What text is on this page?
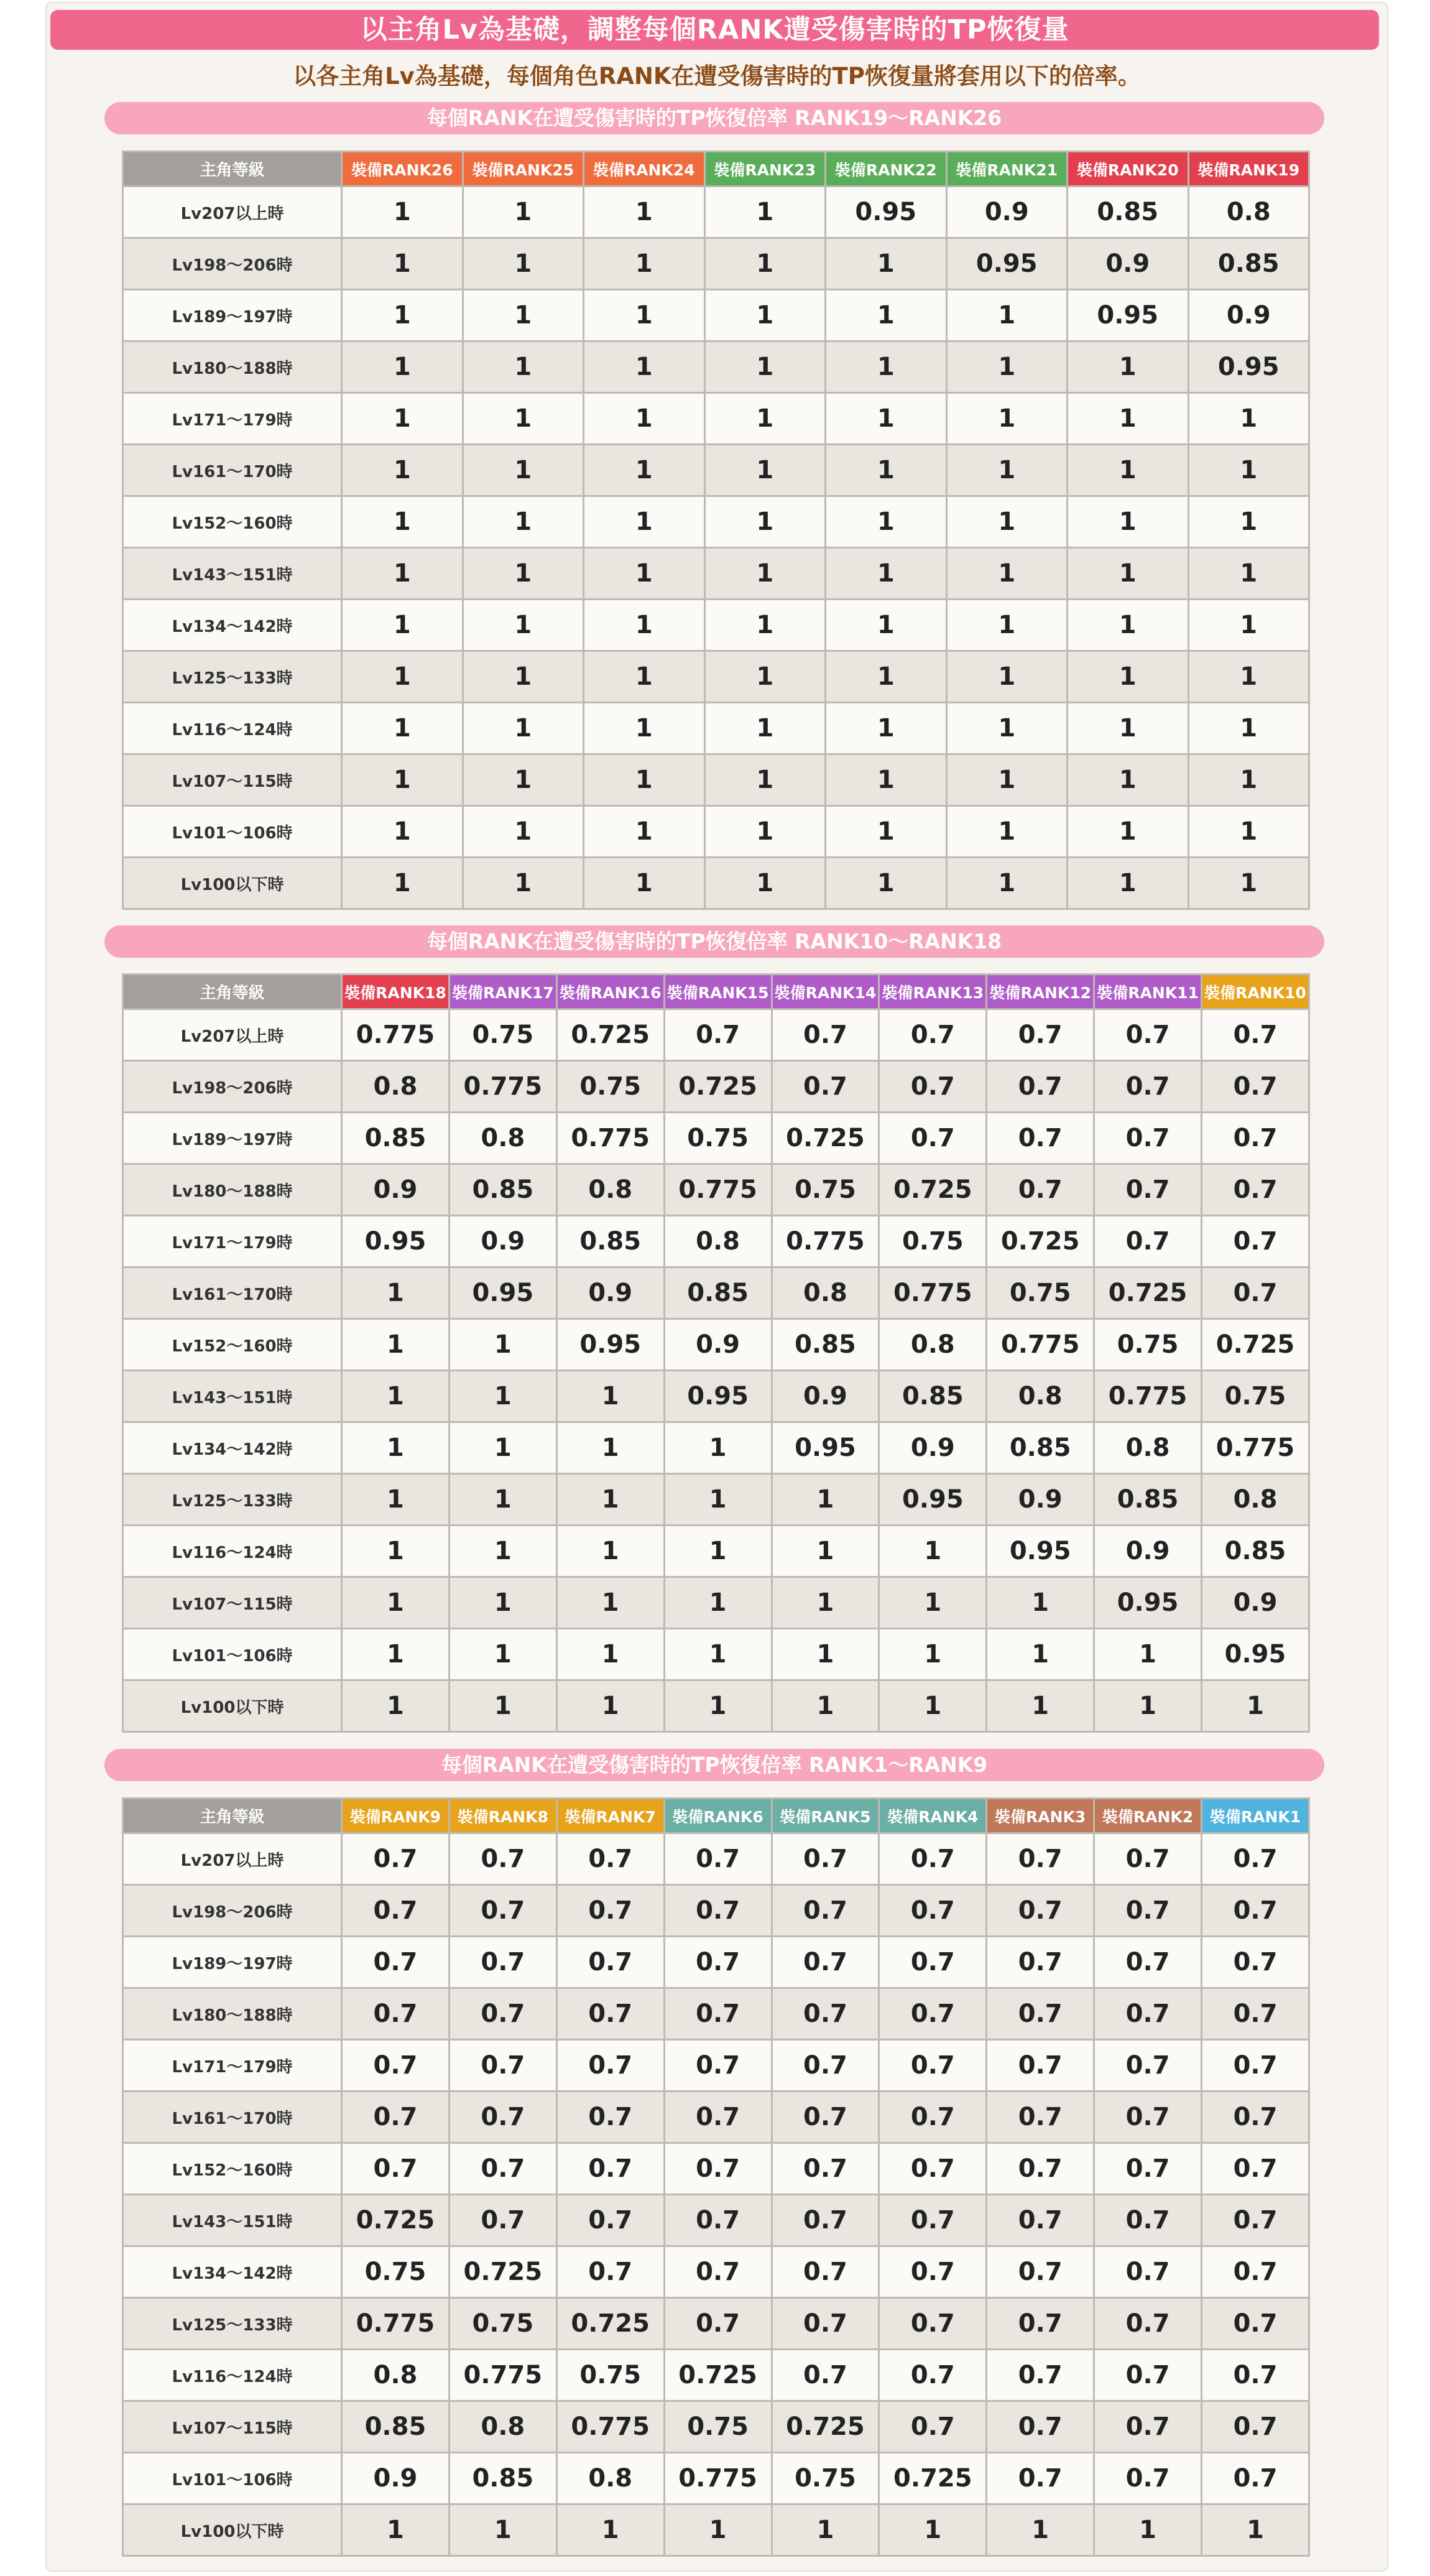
以主角Lv為基礎，調整每個RANK遭受傷害時的TP恢復量
以各主角Lv為基礎，每個角色RANK在遭受傷害時的TP恢復量將套用以下的倍率。
每個RANK在遭受傷害時的TP恢復倍率 RANK19～RANK26
主角等級	裝備RANK26	裝備RANK25	裝備RANK24	裝備RANK23	裝備RANK22	裝備RANK21	裝備RANK20	裝備RANK19
Lv207以上時	1	1	1	1	0.95	0.9	0.85	0.8
Lv198～206時	1	1	1	1	1	0.95	0.9	0.85
Lv189～197時	1	1	1	1	1	1	0.95	0.9
Lv180～188時	1	1	1	1	1	1	1	0.95
Lv171～179時	1	1	1	1	1	1	1	1
Lv161～170時	1	1	1	1	1	1	1	1
Lv152～160時	1	1	1	1	1	1	1	1
Lv143～151時	1	1	1	1	1	1	1	1
Lv134～142時	1	1	1	1	1	1	1	1
Lv125～133時	1	1	1	1	1	1	1	1
Lv116～124時	1	1	1	1	1	1	1	1
Lv107～115時	1	1	1	1	1	1	1	1
Lv101～106時	1	1	1	1	1	1	1	1
Lv100以下時	1	1	1	1	1	1	1	1
每個RANK在遭受傷害時的TP恢復倍率 RANK10～RANK18
主角等級	裝備RANK18	裝備RANK17	裝備RANK16	裝備RANK15	裝備RANK14	裝備RANK13	裝備RANK12	裝備RANK11	裝備RANK10
Lv207以上時	0.775	0.75	0.725	0.7	0.7	0.7	0.7	0.7	0.7
Lv198～206時	0.8	0.775	0.75	0.725	0.7	0.7	0.7	0.7	0.7
Lv189～197時	0.85	0.8	0.775	0.75	0.725	0.7	0.7	0.7	0.7
Lv180～188時	0.9	0.85	0.8	0.775	0.75	0.725	0.7	0.7	0.7
Lv171～179時	0.95	0.9	0.85	0.8	0.775	0.75	0.725	0.7	0.7
Lv161～170時	1	0.95	0.9	0.85	0.8	0.775	0.75	0.725	0.7
Lv152～160時	1	1	0.95	0.9	0.85	0.8	0.775	0.75	0.725
Lv143～151時	1	1	1	0.95	0.9	0.85	0.8	0.775	0.75
Lv134～142時	1	1	1	1	0.95	0.9	0.85	0.8	0.775
Lv125～133時	1	1	1	1	1	0.95	0.9	0.85	0.8
Lv116～124時	1	1	1	1	1	1	0.95	0.9	0.85
Lv107～115時	1	1	1	1	1	1	1	0.95	0.9
Lv101～106時	1	1	1	1	1	1	1	1	0.95
Lv100以下時	1	1	1	1	1	1	1	1	1
每個RANK在遭受傷害時的TP恢復倍率 RANK1～RANK9
主角等級	裝備RANK9	裝備RANK8	裝備RANK7	裝備RANK6	裝備RANK5	裝備RANK4	裝備RANK3	裝備RANK2	裝備RANK1
Lv207以上時	0.7	0.7	0.7	0.7	0.7	0.7	0.7	0.7	0.7
Lv198～206時	0.7	0.7	0.7	0.7	0.7	0.7	0.7	0.7	0.7
Lv189～197時	0.7	0.7	0.7	0.7	0.7	0.7	0.7	0.7	0.7
Lv180～188時	0.7	0.7	0.7	0.7	0.7	0.7	0.7	0.7	0.7
Lv171～179時	0.7	0.7	0.7	0.7	0.7	0.7	0.7	0.7	0.7
Lv161～170時	0.7	0.7	0.7	0.7	0.7	0.7	0.7	0.7	0.7
Lv152～160時	0.7	0.7	0.7	0.7	0.7	0.7	0.7	0.7	0.7
Lv143～151時	0.725	0.7	0.7	0.7	0.7	0.7	0.7	0.7	0.7
Lv134～142時	0.75	0.725	0.7	0.7	0.7	0.7	0.7	0.7	0.7
Lv125～133時	0.775	0.75	0.725	0.7	0.7	0.7	0.7	0.7	0.7
Lv116～124時	0.8	0.775	0.75	0.725	0.7	0.7	0.7	0.7	0.7
Lv107～115時	0.85	0.8	0.775	0.75	0.725	0.7	0.7	0.7	0.7
Lv101～106時	0.9	0.85	0.8	0.775	0.75	0.725	0.7	0.7	0.7
Lv100以下時	1	1	1	1	1	1	1	1	1
